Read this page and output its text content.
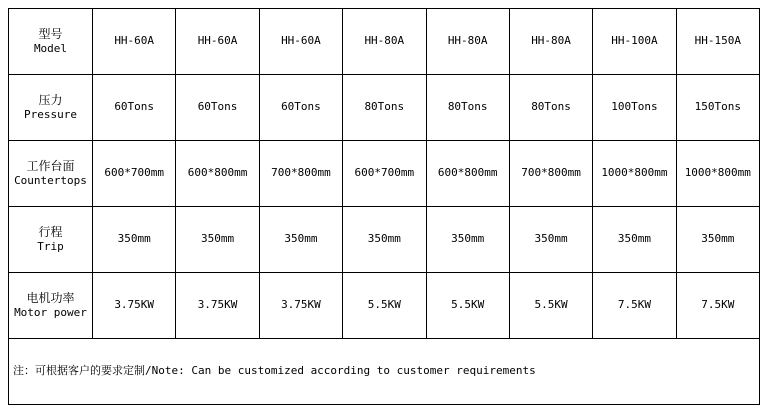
型号
Model	HH-60A	HH-60A	HH-60A	HH-80A	HH-80A	HH-80A	HH-100A	HH-150A

压力
Pressure	60Tons	60Tons	60Tons	80Tons	80Tons	80Tons	100Tons	150Tons

工作台面
Countertops	600*700mm	600*800mm	700*800mm	600*700mm	600*800mm	700*800mm	1000*800mm	1000*800mm

行程
Trip	350mm	350mm	350mm	350mm	350mm	350mm	350mm	350mm

电机功率
Motor power	3.75KW	3.75KW	3.75KW	5.5KW	5.5KW	5.5KW	7.5KW	7.5KW
注：可根据客户的要求定制/Note: Can be customized according to customer requirements								
